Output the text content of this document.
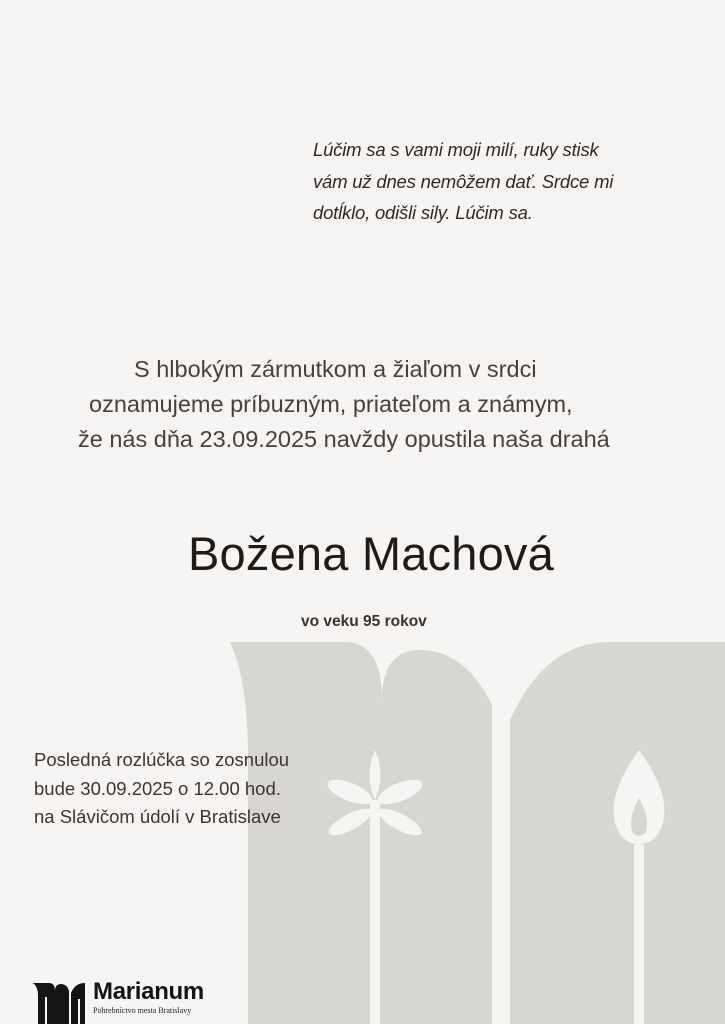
Lúčim sa s vami moji milí, ruky stisk
vám už dnes nemôžem dať. Srdce mi
dotĺklo, odišli sily. Lúčim sa.
S hlbokým zármutkom a žiaľom v srdci
oznamujeme príbuzným, priateľom a známym,
že nás dňa 23.09.2025 navždy opustila naša drahá
Božena Machová
vo veku 95 rokov
Posledná rozlúčka so zosnulou
bude 30.09.2025 o 12.00 hod.
na Slávičom údolí v Bratislave
Marianum
Pohrebníctvo mesta Bratislavy
